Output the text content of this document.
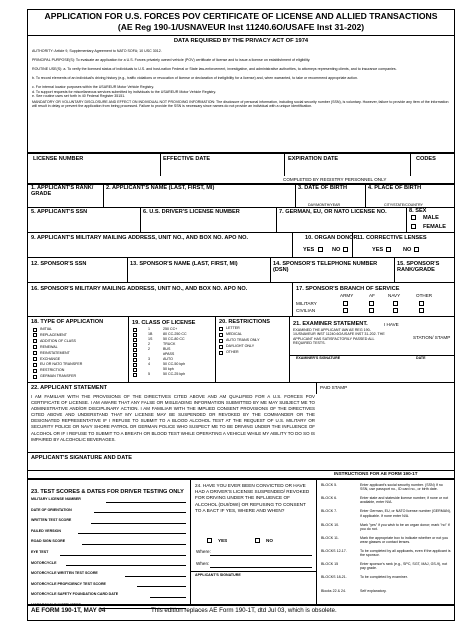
APPLICATION FOR U.S. FORCES POV CERTIFICATE OF LICENSE AND ALLIED TRANSACTIONS
(AE Reg 190-1/USNAVEUR Inst 11240.6O/USAFE Inst 31-202)
DATA REQUIRED BY THE PRIVACY ACT OF 1974
AUTHORITY: Article 9, Supplementary Agreement to NATO SOFA; 10 USC 3012.
PRINCIPAL PURPOSE(S): To evaluate an application for a U.S. Forces privately owned vehicle (POV) certificate of license and to issue a license on establishment of eligibility.
ROUTINE USE(S): a. To verify the licensed status of individuals to U.S. and host-nation Federal or State law-enforcement, investigative, and administrative authorities, to attorneys representing clients, and to insurance companies.
b. To record elements of an individual's driving history (e.g., traffic violations or revocation of license or declaration of ineligibility for a license) and, when warranted, to take or recommend appropriate action.
c. For internal locator purposes within the USAREUR Motor Vehicle Registry.
d. To support requests for miscellaneous services submitted by individuals to the USAREUR Motor Vehicle Registry.
e. See routine uses set forth in 40 Federal Register 35151.
MANDATORY OR VOLUNTARY DISCLOSURE AND EFFECT ON INDIVIDUAL NOT PROVIDING INFORMATION: The disclosure of personal information, including social security number (SSN), is voluntary. However, failure to provide any item of the information will result in delay or prevent the application from being processed. Failure to provide the SSN is necessary since names do not provide an individual with a unique identification.
LICENSE NUMBER	EFFECTIVE DATE	EXPIRATION DATE	CODES
COMPLETED BY REGISTRY PERSONNEL ONLY
1. APPLICANT'S RANK/ GRADE
2. APPLICANT'S NAME (LAST, FIRST, MI)	3. DATE OF BIRTH
DAY/MONTH/YEAR
4. PLACE OF BIRTH
CITY/STATE/COUNTRY
5. APPLICANT'S SSN	6. U.S. DRIVER'S LICENSE NUMBER	7. GERMAN, EU, OR NATO LICENSE NO.	8. SEX
MALE
FEMALE
9. APPLICANT'S MILITARY MAILING ADDRESS, UNIT NO., AND BOX NO. APO NO.	10. ORGAN DONOR
YES	NO
11. CORRECTIVE LENSES
YES	NO
12. SPONSOR'S SSN	13. SPONSOR'S NAME (LAST, FIRST, MI)	14. SPONSOR'S TELEPHONE NUMBER (DSN)
15. SPONSOR'S RANK/GRADE
16. SPONSOR'S MILITARY MAILING ADDRESS, UNIT NO., AND BOX NO. APO NO.	17. SPONSOR'S BRANCH OF SERVICE
ARMY	AF	NAVY	OTHER
MILITARY
CIVILIAN
18. TYPE OF APPLICATION	19. CLASS OF LICENSE	20. RESTRICTIONS	21. EXAMINER STATEMENT.	I HAVE
EXAMINED THE APPLICANT IAW AE REG 190-1/USNAVEUR INST 11240.6O/USAFE INST 31-202. THE APPLICANT HAS SATISFACTORILY PASSED ALL REQUIRED TESTS.
STATION/ STAMP
EXAMINER'S SIGNATURE	DATE
22. APPLICANT STATEMENT	PAID STAMP
I AM FAMILIAR WITH THE PROVISIONS OF THE DIRECTIVES CITED ABOVE AND AM QUALIFIED FOR A U.S. FORCES POV CERTIFICATE OF LICENSE. I AM AWARE THAT ANY FALSE OR MISLEADING INFORMATION SUBMITTED BY ME MAY SUBJECT ME TO ADMINISTRATIVE AND/OR DISCIPLINARY ACTION. I AM FAMILIAR WITH THE IMPLIED CONSENT PROVISIONS OF THE DIRECTIVES CITED ABOVE AND UNDERSTAND THAT MY LICENSE MAY BE SUSPENDED OR REVOKED BY THE COMMANDER OR THE DESIGNATED REPRESENTATIVE IF I REFUSE TO SUBMIT TO A BLOOD ALCOHOL TEST AT THE REQUEST OF U.S. MILITARY OR SECURITY POLICE OR NAVY SHORE PATROL OR GERMAN POLICE WHO SUSPECT ME TO BE DRIVING UNDER THE INFLUENCE OF ALCOHOL OR IF I REFUSE TO SUBMIT TO A BREATH OR BLOOD TEST WHILE OPERATING A VEHICLE WHILE MY ABILITY TO DO SO IS IMPAIRED BY ALCOHOLIC BEVERAGES.
APPLICANT'S SIGNATURE AND DATE
INSTRUCTIONS FOR AE FORM 190-1T
23. TEST SCORES & DATES FOR DRIVER TESTING ONLY
24. HAVE YOU EVER BEEN CONVICTED OR HAVE HAD A DRIVER'S LICENSE SUSPENDED/ REVOKED FOR DRIVING UNDER THE INFLUENCE OF ALCOHOL (DUI/DWI) OR REFUSING TO CONSENT TO A BACT IF YES, WHERE AND WHEN?
YES	NO
Where:
When:
APPLICANT'S SIGNATURE
AE FORM 190-1T, MAY 04	This edition replaces AE Form 190-1T, dtd Jul 03, which is obsolete.
INITIAL
REPLACEMENT
ADDITION OF CLASS
RENEWAL
REINSTATEMENT
EXCHANGE
EU OR NATO TRANSFER
RESTRICTION
GERMAN TRANSFER
1	250 CC+
1B	80 CC-250 CC
1S	50 CC-80 CC
2	TRUCK
2	BUS
#PASS
3	AUTO
4	50 CC-50 kph
50 kph
5	50 CC-25 kph
LETTER
MEDICAL
AUTO TRANS ONLY
DAYLIGHT ONLY
OTHER
MILITARY LICENSE NUMBER
DATE OF ORIENTATION
WRITTEN TEST SCORE
FAILED VERSION
ROAD SIGN SCORE
EYE TEST
MOTORCYCLE
MOTORCYCLE WRITTEN TEST SCORE
MOTORCYCLE PROFICIENCY TEST SCORE
MOTORCYCLE SAFETY FOUNDATION CARD DATE
MOTORCYCLE INSTRUCTOR
BLOCK 5.	Enter applicant's social security number. (SSN) If no SSN, use passport no., ID card no., or birth date.
BLOCK 6.	Enter state and stateside license number; if none or not available, enter N/A.
BLOCK 7.	Enter German, EU, or NATO license number (GERMAN), if applicable. If none enter N/A.
BLOCK 10.	Mark "yes" if you wish to be an organ donor; mark "no" if you do not.
BLOCK 11.	Mark the appropriate box to indicate whether or not you wear glasses or contact lenses.
BLOCKS 12-17.	To be completed by all applicants, even if the applicant is the sponsor.
BLOCK 15	Enter sponsor's rank (e.g., SPC, SGT, MAJ, GS-9), not pay grade.
BLOCKS 18-21.	To be completed by examiner.
Blocks 22 & 24.	Self explanatory.
